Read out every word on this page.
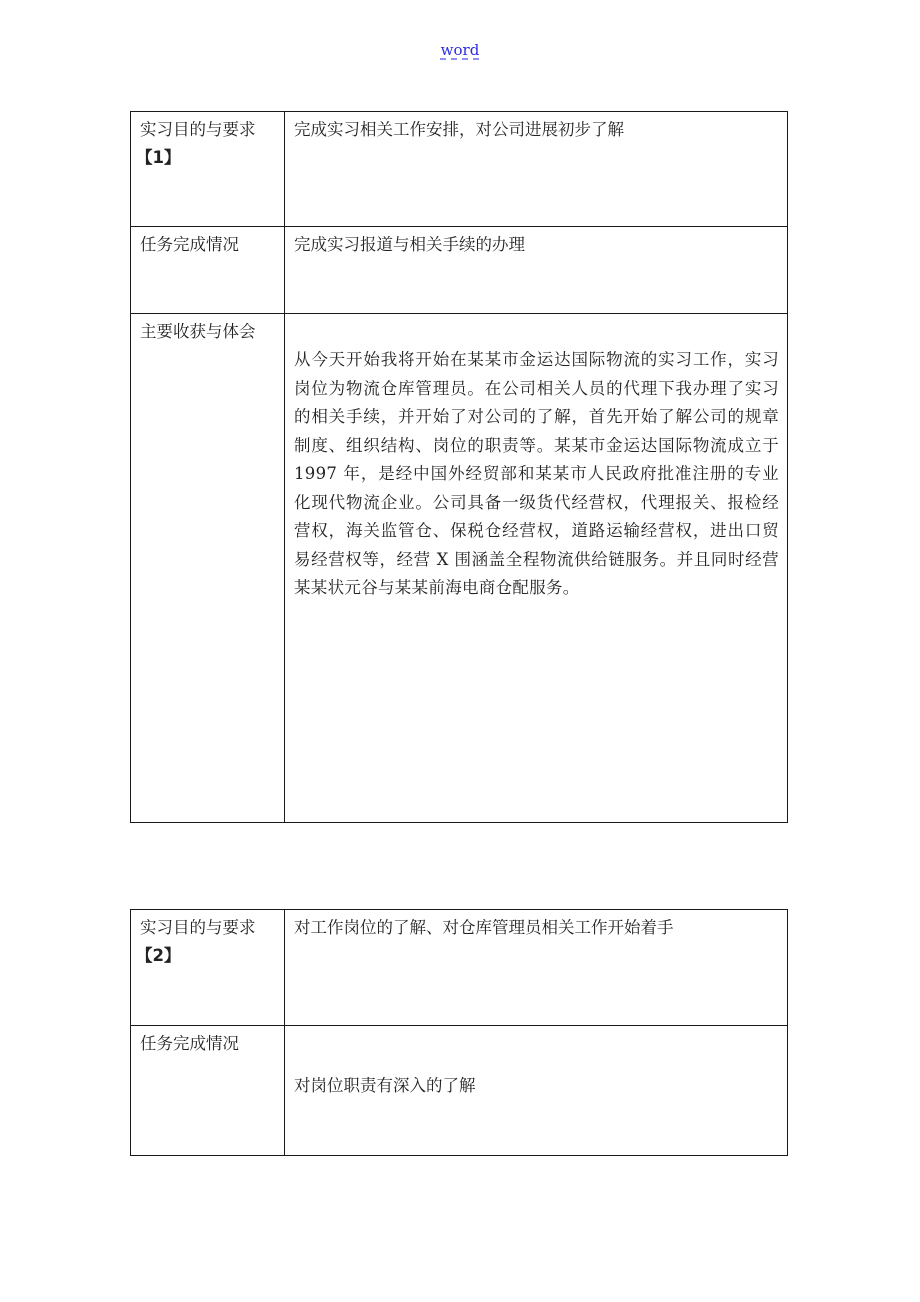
word
实习目的与要求
【1】	完成实习相关工作安排，对公司进展初步了解

任务完成情况	完成实习报道与相关手续的办理

主要收获与体会	从今天开始我将开始在某某市金运达国际物流的实习工作，实习岗位为物流仓库管理员。在公司相关人员的代理下我办理了实习的相关手续，并开始了对公司的了解，首先开始了解公司的规章制度、组织结构、岗位的职责等。某某市金运达国际物流成立于 1997 年，是经中国外经贸部和某某市人民政府批准注册的专业化现代物流企业。公司具备一级货代经营权，代理报关、报检经营权，海关监管仓、保税仓经营权，道路运输经营权，进出口贸易经营权等，经营 X 围涵盖全程物流供给链服务。并且同时经营某某状元谷与某某前海电商仓配服务。
实习目的与要求
【2】	对工作岗位的了解、对仓库管理员相关工作开始着手

任务完成情况	对岗位职责有深入的了解
